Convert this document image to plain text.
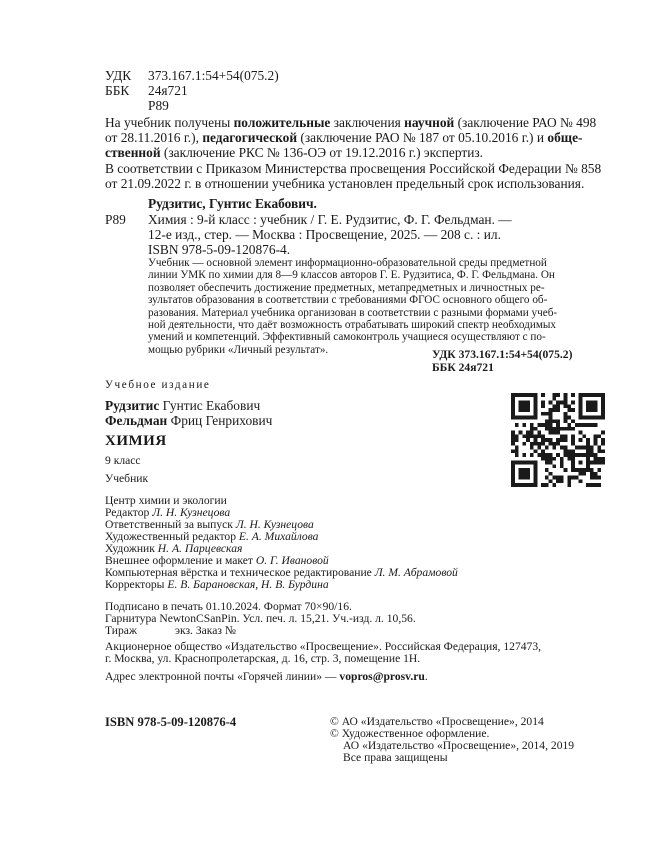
УДК 373.167.1:54+54(075.2)
ББК 24я721
Р89
На учебник получены положительные заключения научной (заключение РАО № 498
от 28.11.2016 г.), педагогической (заключение РАО № 187 от 05.10.2016 г.) и обще-
ственной (заключение РКС № 136-ОЭ от 19.12.2016 г.) экспертиз.
В соответствии с Приказом Министерства просвещения Российской Федерации № 858
от 21.09.2022 г. в отношении учебника установлен предельный срок использования.
Рудзитис, Гунтис Екабович.
Р89 Химия : 9-й класс : учебник / Г. Е. Рудзитис, Ф. Г. Фельдман. —
12-е изд., стер. — Москва : Просвещение, 2025. — 208 с. : ил.
ISBN 978-5-09-120876-4.
Учебник — основной элемент информационно-образовательной среды предметной
линии УМК по химии для 8—9 классов авторов Г. Е. Рудзитиса, Ф. Г. Фельдмана. Он
позволяет обеспечить достижение предметных, метапредметных и личностных ре-
зультатов образования в соответствии с требованиями ФГОС основного общего об-
разования. Материал учебника организован в соответствии с разными формами учеб-
ной деятельности, что даёт возможность отрабатывать широкий спектр необходимых
умений и компетенций. Эффективный самоконтроль учащиеся осуществляют с по-
мощью рубрики «Личный результат».	УДК 373.167.1:54+54(075.2)
ББК 24я721
Учебное издание
Рудзитис Гунтис Екабович
Фельдман Фриц Генрихович
ХИМИЯ
9 класс
Учебник
Центр химии и экологии
Редактор Л. Н. Кузнецова
Ответственный за выпуск Л. Н. Кузнецова
Художественный редактор Е. А. Михайлова
Художник Н. А. Парцевская
Внешнее оформление и макет О. Г. Ивановой
Компьютерная вёрстка и техническое редактирование Л. М. Абрамовой
Корректоры Е. В. Барановская, Н. В. Бурдина
Подписано в печать 01.10.2024. Формат 70×90/16.
Гарнитура NewtonCSanPin. Усл. печ. л. 15,21. Уч.-изд. л. 10,56.
Тираж	экз. Заказ №
Акционерное общество «Издательство «Просвещение». Российская Федерация, 127473,
г. Москва, ул. Краснопролетарская, д. 16, стр. 3, помещение 1Н.
Адрес электронной почты «Горячей линии» — vopros@prosv.ru.
ISBN 978-5-09-120876-4	© АО «Издательство «Просвещение», 2014
© Художественное оформление.
АО «Издательство «Просвещение», 2014, 2019
Все права защищены
